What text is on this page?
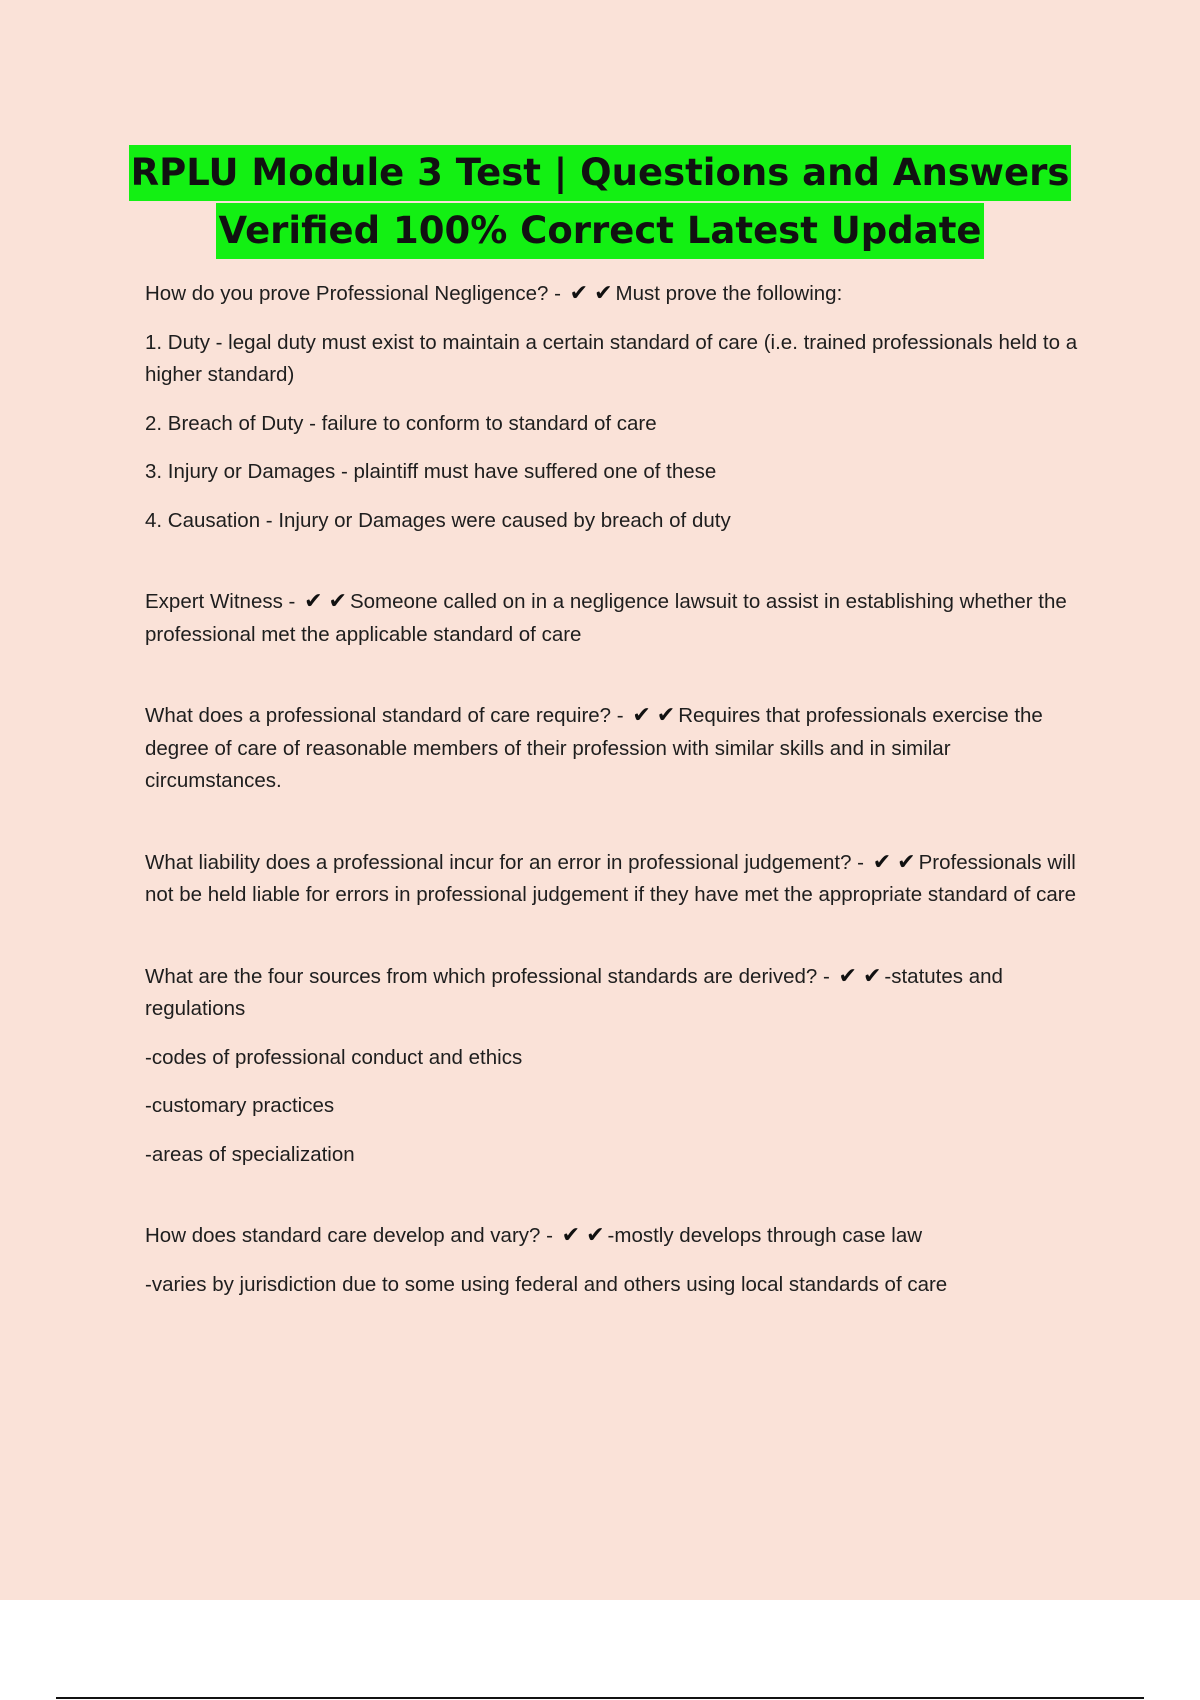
RPLU Module 3 Test | Questions and Answers
Verified 100% Correct Latest Update

How do you prove Professional Negligence? - ✔ ✔ Must prove the following:

1. Duty - legal duty must exist to maintain a certain standard of care (i.e. trained professionals held to a higher standard)

2. Breach of Duty - failure to conform to standard of care

3. Injury or Damages - plaintiff must have suffered one of these

4. Causation - Injury or Damages were caused by breach of duty

Expert Witness - ✔ ✔ Someone called on in a negligence lawsuit to assist in establishing whether the professional met the applicable standard of care

What does a professional standard of care require? - ✔ ✔ Requires that professionals exercise the degree of care of reasonable members of their profession with similar skills and in similar circumstances.

What liability does a professional incur for an error in professional judgement? - ✔ ✔ Professionals will not be held liable for errors in professional judgement if they have met the appropriate standard of care

What are the four sources from which professional standards are derived? - ✔ ✔ -statutes and regulations

-codes of professional conduct and ethics

-customary practices

-areas of specialization

How does standard care develop and vary? - ✔ ✔ -mostly develops through case law

-varies by jurisdiction due to some using federal and others using local standards of care
